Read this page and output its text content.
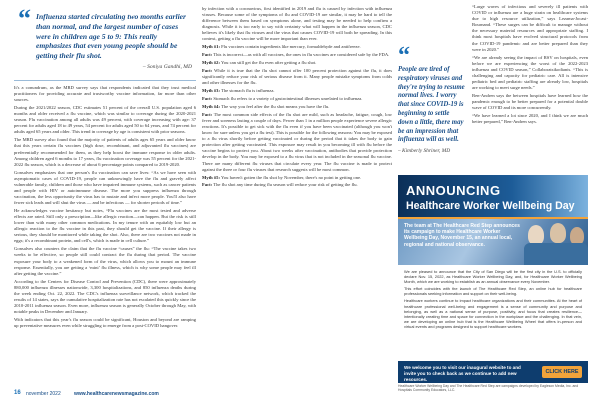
“ Influenza started circulating two months earlier than normal, and the largest number of cases were in children age 5 to 9: This really emphasizes that even young people should be getting their flu shot.
– Soniya Gandhi, MD

It's a conundrum, as the MRD survey says that respondents indicated that they trust medical practitioners for providing accurate and trustworthy vaccine information, far more than other sources.

During the 2021/2022 season, CDC estimates 51 percent of the overall U.S. population aged 6 months and older received a flu vaccine, which was similar to coverage during the 2020-2021 season. Flu vaccination among all adults was 49 percent, with coverage increasing with age: 37 percent for adults aged 18 to 49 years, 54 percent for adults aged 50 to 64 years, and 74 percent for adults aged 65 years and older. This trend in coverage by age is consistent with prior seasons.

The MRD survey also found that the majority of patients of adults ages 65 years and older know that this years certain flu vaccines (high dose, recombinant, and adjuvanted flu vaccines) are preferentially recommended for them, as they help boost the immune response in older adults. Among children aged 6 months to 17 years, flu vaccination coverage was 55 percent for the 2021-2022 flu season, which is a decrease of about 6 percentage points compared to 2019-2020.

Gonsalves emphasizes that one person's flu vaccination can save lives: “As we have seen with asymptomatic cases of COVID-19, people can unknowingly have the flu and gravely affect vulnerable family, children and those who have impaired immune systems, such as cancer patients and people with HIV or autoimmune disease. The more you suppress influenza through vaccination, the less opportunity the virus has to mutate and infect more people. You'll also have fewer sick leads and will shut the virus — and be infectious — for shorter periods of time.”

He acknowledges vaccine hesitancy but notes, “Flu vaccines are the most tested and adverse effects are rated. Still only a prescription—like allergic reaction—can happen. But the risk is still lower than with many other common medications. In my tenure with an equitably low but an allergic reaction to the flu vaccine in this past, they should get the vaccine. If their allergy is serious, they should be monitored while taking the shot. Also, there are two vaccines not made in eggs; it's a recombinant protein, and cell's, which is made in cell culture.”

Gonsalves also counters the claim that the flu vaccine “causes” the flu: “The vaccine takes two weeks to be effective, so people still could contract the flu during that period. The vaccine exposure your body to a weakened form of the virus, which allows you to mount an immune response. Essentially, you are getting a ‘mini’ flu illness, which is why some people may feel ill after getting the vaccine.”

According to the Centers for Disease Control and Prevention (CDC), there were approximately 880,000 influenza illnesses nationwide, 3,300 hospitalizations, and 850 influenza deaths during the week ending Oct. 22, 2022. The CDC's influenza surveillance network, which tracked the results of 14 states, says the cumulative hospitalization rate has not escalated this quickly since the 2010-2011 influenza season. Even more, influenza season is generally October through May, with notable peaks in December and January.

With indicators that this year's flu season could be significant, Houston and beyond are ramping up preventative measures even while struggling to emerge from a post-COVID hangover.

by infection with a coronavirus, first identified in 2019 and flu is caused by infection with influenza viruses. Because some of the symptoms of flu and COVID-19 are similar, it may be hard to tell the difference between them based on symptoms alone, and testing may be needed to help confirm a diagnosis. While it is too early to say with certainty what will happen in the influenza season, CDC believes it's likely that flu viruses and the virus that causes COVID-19 will both be spreading. In this context, getting a flu vaccine will be more important than ever.

Myth #1: Flu vaccines contain ingredients like mercury, formaldehyde and antifreeze.

Fact: This is incorrect—as with all vaccines, the ones in flu vaccines are considered safe by the FDA.

Myth #2: You can still get the flu even after getting a flu shot.

Fact: While it is true that the flu shot cannot offer 100 percent protection against the flu, it does significantly reduce your risk of serious disease from it. Many people mistake symptoms from colds and other illnesses for the flu.

Myth #3: The stomach flu is influenza.

Fact: Stomach flu refers to a variety of gastrointestinal illnesses unrelated to influenza.

Myth #4: The way you feel after the flu shot means you have the flu.

Fact: The most common side effects of the flu shot are mild, such as headache, fatigue, cough, low fever and soreness lasting a couple of days. Fewer than 1 in a million people experience severe allergic reactions. It's possible to get sick with the flu even if you have been vaccinated (although you won't know for sure unless you get a flu test). This is possible for the following reasons: You may be exposed to a flu virus shortly before getting vaccinated or during the period that it takes the body to gain protection after getting vaccinated. This exposure may result in you becoming ill with flu before the vaccine begins to protect you. About two weeks after vaccination, antibodies that provide protection develop in the body. You may be exposed to a flu virus that is not included in the seasonal flu vaccine. There are many different flu viruses that circulate every year. The flu vaccine is made to protect against the three or four flu viruses that research suggests will be most common.

Myth #5: You haven't gotten the flu shot by November, there's no point in getting one.

Fact: The flu shot any time during flu season will reduce your risk of getting the flu.

“
People are tired of respiratory viruses and they're trying to resume normal lives. I worry that since COVID-19 is beginning to settle down a little, there may be an impression that influenza will as well.
– Kimberly Shriner, MD

“Large waves of infectious and severely ill patients with COVID or influenza are a huge strain on healthcare systems due to high resource utilization,” says Lezama-Jocasi-Bournand. “These surges can be difficult to manage without the necessary material resources and appropriate staffing. I think most hospitals have evolved structural protocols from the COVID-19 pandemic and are better prepared than they were in 2020.”

“We are already seeing the impact of RSV on hospitals, even before we are experiencing the worst of the 2022-2023 influenza and COVID season,” Collaboratsikodianis. “This is challenging and capacity for pediatric care. All is intensive pediatric bed and pediatric staffing are already low, hospitals are working to meet surge needs.”

Ben-Andren says the between hospitals have learned how the pandemic enough to be better prepared for a potential double wave of COVID and its more concurrently.

“We have learned a lot since 2020, and I think we are much better prepared,” Ben-Andren says.

ANNOUNCING
Healthcare Worker Wellbeing Day
The team at The Healthcare Red Step announces its campaign to make Healthcare Worker Wellbeing Day, November 15, an annual local, regional and national observance.

We are pleased to announce that the City of San Diego will be the first city in the U.S. to officially declare Nov. 15, 2022, as Healthcare Worker Wellbeing Day, and, for Healthcare Worker Wellbeing Month, which we are working to establish as an annual observance every November.

This effort coincides with the launch of The Healthcare Red Step, an online hub for healthcare professionals seeking information and support on their well-being.

Healthcare workers continue to impact healthcare organizations and their communities. At the heart of healthcare professional well-being and engagement is a sense of community and purpose and belonging, as well as a national sense of purpose, positivity, and focus that creates resilience—intentionally creating time and space for connection in the workplace and the challenging. In that vein, we are developing an online hub that is the Healthcare Wellbeing Wheel that offers in-person and virtual events and programs designed to support healthcare workers.

We welcome you to visit our inaugural website to and invite you to check back as we continue to add new resources.
CLICK HERE
Healthcare Worker Wellbeing Day and The Healthcare Red Step are campaigns developed by Eagleson Media, Inc. and Hospitals Community Educators, LLC.
16 november 2022	www.healthcarenewsmagazine.com
